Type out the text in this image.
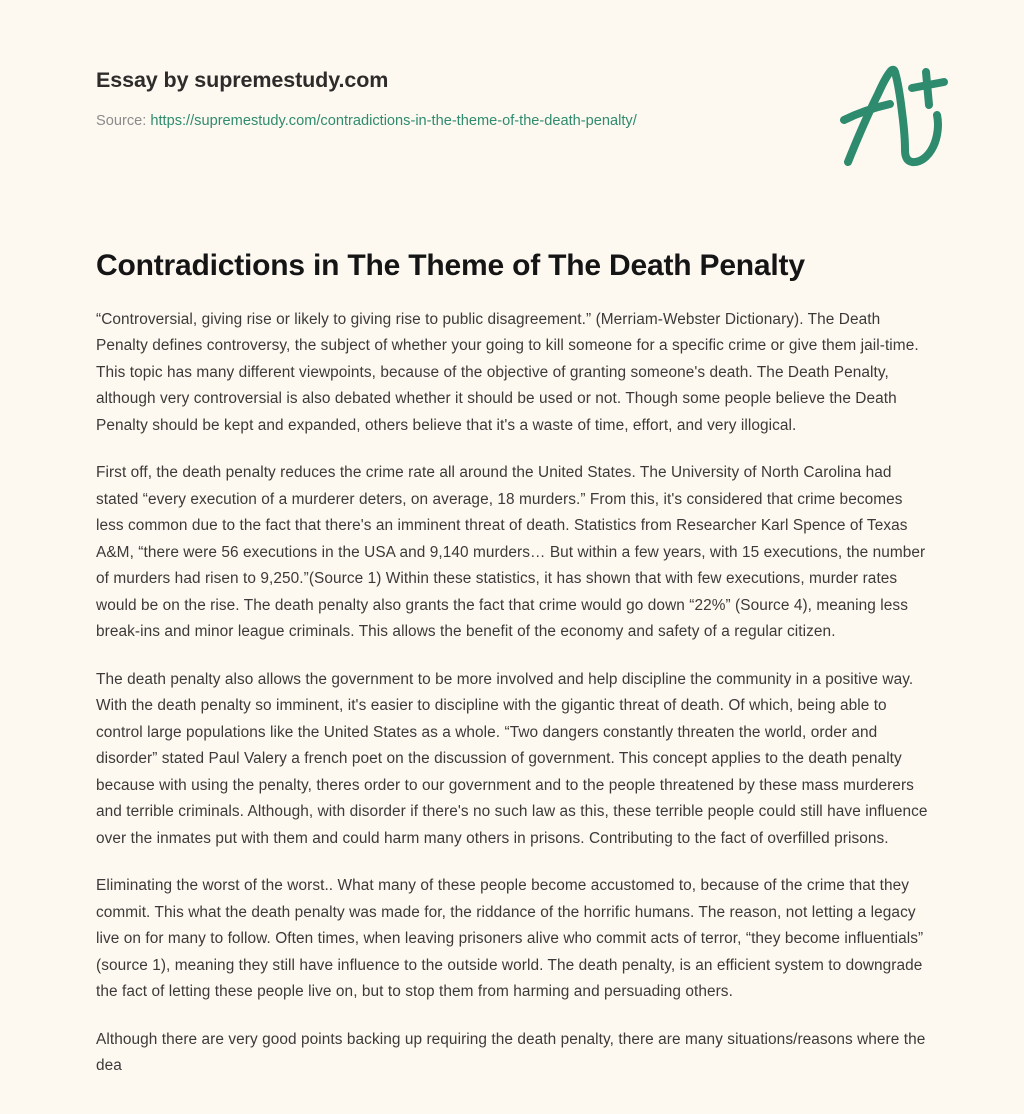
Essay by supremestudy.com
Source: https://supremestudy.com/contradictions-in-the-theme-of-the-death-penalty/
Contradictions in The Theme of The Death Penalty

“Controversial, giving rise or likely to giving rise to public disagreement.” (Merriam-Webster Dictionary). The Death Penalty defines controversy, the subject of whether your going to kill someone for a specific crime or give them jail-time. This topic has many different viewpoints, because of the objective of granting someone's death. The Death Penalty, although very controversial is also debated whether it should be used or not. Though some people believe the Death Penalty should be kept and expanded, others believe that it's a waste of time, effort, and very illogical.

First off, the death penalty reduces the crime rate all around the United States. The University of North Carolina had stated “every execution of a murderer deters, on average, 18 murders.” From this, it's considered that crime becomes less common due to the fact that there's an imminent threat of death. Statistics from Researcher Karl Spence of Texas A&M, “there were 56 executions in the USA and 9,140 murders… But within a few years, with 15 executions, the number of murders had risen to 9,250.”(Source 1) Within these statistics, it has shown that with few executions, murder rates would be on the rise. The death penalty also grants the fact that crime would go down “22%” (Source 4), meaning less break-ins and minor league criminals. This allows the benefit of the economy and safety of a regular citizen.

The death penalty also allows the government to be more involved and help discipline the community in a positive way. With the death penalty so imminent, it's easier to discipline with the gigantic threat of death. Of which, being able to control large populations like the United States as a whole. “Two dangers constantly threaten the world, order and disorder” stated Paul Valery a french poet on the discussion of government. This concept applies to the death penalty because with using the penalty, theres order to our government and to the people threatened by these mass murderers and terrible criminals. Although, with disorder if there's no such law as this, these terrible people could still have influence over the inmates put with them and could harm many others in prisons. Contributing to the fact of overfilled prisons.

Eliminating the worst of the worst.. What many of these people become accustomed to, because of the crime that they commit. This what the death penalty was made for, the riddance of the horrific humans. The reason, not letting a legacy live on for many to follow. Often times, when leaving prisoners alive who commit acts of terror, “they become influentials” (source 1), meaning they still have influence to the outside world. The death penalty, is an efficient system to downgrade the fact of letting these people live on, but to stop them from harming and persuading others.

Although there are very good points backing up requiring the death penalty, there are many situations/reasons where the dea
